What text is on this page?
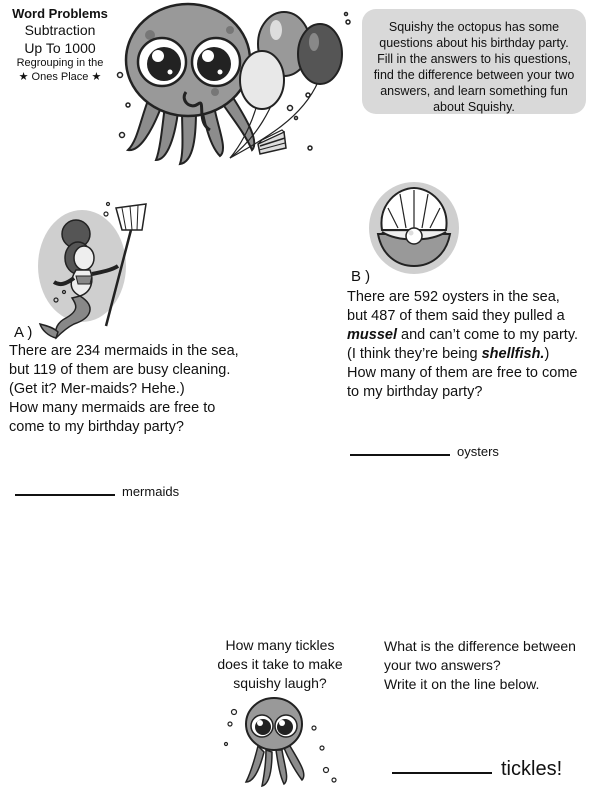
Word Problems
Subtraction
Up To 1000
Regrouping in the
★ Ones Place ★
Squishy the octopus has some
questions about his birthday party.
Fill in the answers to his questions,
find the difference between your two
answers, and learn something fun
about Squishy.
A )
There are 234 mermaids in the sea,
but 119 of them are busy cleaning.
(Get it? Mer-maids? Hehe.)
How many mermaids are free to
come to my birthday party?
mermaids
B )
There are 592 oysters in the sea,
but 487 of them said they pulled a
mussel and can’t come to my party.
(I think they’re being shellfish.)
How many of them are free to come
to my birthday party?
oysters
How many tickles
does it take to make
squishy laugh?
What is the difference between
your two answers?
Write it on the line below.
tickles!
